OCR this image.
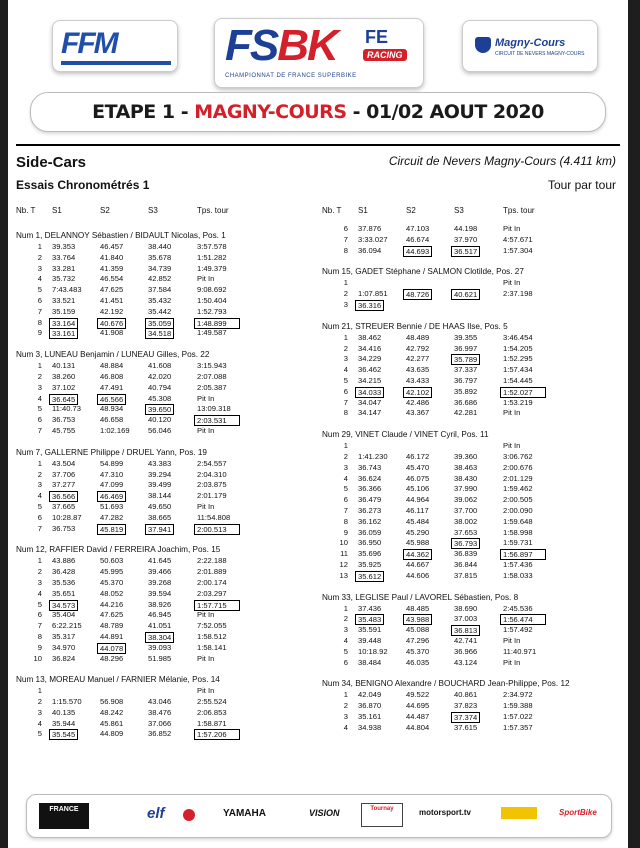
FFM FSBK FE
RACING
CHAMPIONNAT DE FRANCE SUPERBIKE
Magny-Cours
CIRCUIT DE NEVERS MAGNY-COURS
ETAPE 1 - MAGNY-COURS - 01/02 AOUT 2020
Side-Cars	Circuit de Nevers Magny-Cours (4.411 km)
Essais Chronométrés 1	Tour par tour
Nb. T	S1	S2	S3	Tps. tour
Num 1, DELANNOY Sébastien / BIDAULT Nicolas, Pos. 1
1 39.353	46.457	38.440	3:57.578
2 33.764	41.840	35.678	1:51.282
3 33.281	41.359	34.739	1:49.379
4 35.732	46.554	42.852	Pit In
5 7:43.483 47.625	37.584	9:08.692
6 33.521	41.451	35.432	1:50.404
7 35.159	42.192	35.442	1:52.793
8	33.164	40.676	35.059	1:48.899
9	33.161	41.908	34.518	1:49.587
Num 3, LUNEAU Benjamin / LUNEAU Gilles, Pos. 22
1 40.131	48.884	41.608	3:15.943
2 38.260	46.808	42.020	2:07.088
3 37.102	47.491	40.794	2:05.387
4	36.645	46.566	45.308	Pit In
5 11:40.73	48.934	39.650	13:09.318
6 36.753	46.658	40.120	2:03.531
7 45.755	1:02.169 56.046	Pit In
Num 7, GALLERNE Philippe / DRUEL Yann, Pos. 19
1 43.504	54.899	43.383	2:54.557
2 37.706	47.310	39.294	2:04.310
3 37.277	47.099	39.499	2:03.875
4	36.566	46.469	38.144	2:01.179
5 37.665	51.693	49.650	Pit In
6 10:28.87 47.282	38.665	11:54.808
7 36.753	45.819	37.941	2:00.513
Num 12, RAFFIER David / FERREIRA Joachim, Pos. 15
1 43.886	50.603	41.645	2:22.188
2 36.428	45.995	39.466	2:01.889
3 35.536	45.370	39.268	2:00.174
4 35.651	48.052	39.594	2:03.297
5	34.573	44.216	38.926	1:57.715
6 35.404	47.625	46.945	Pit In
7 6:22.215 48.789	41.051	7:52.055
8 35.317	44.891	38.304	1:58.512
9 34.970	44.078	39.093	1:58.141
10 36.824	48.296	51.985	Pit In
Num 13, MOREAU Manuel / FARNIER Mélanie, Pos. 14
1	Pit In
2 1:15.570 56.908	43.046	2:55.524
3 40.135	48.242	38.476	2:06.853
4 35.944	45.861	37.066	1:58.871
5	35.545	44.809	36.852	1:57.206
Nb. T	S1	S2	S3	Tps. tour
6 37.876	47.103	44.198	Pit In
7 3:33.027 46.674	37.970	4:57.671
8 36.094	44.693	36.517	1:57.304
Num 15, GADET Stéphane / SALMON Clotilde, Pos. 27
1	Pit In
2 1:07.851	48.726	40.621	2:37.198
3	36.316
Num 21, STREUER Bennie / DE HAAS Ilse, Pos. 5
1 38.462	48.489	39.355	3:46.454
2 34.416	42.792	36.997	1:54.205
3 34.229	42.277	35.789	1:52.295
4 36.462	43.635	37.337	1:57.434
5 34.215	43.433	36.797	1:54.445
6	34.033	42.102	35.892	1:52.027
7 34.047	42.486	36.686	1:53.219
8 34.147	43.367	42.281	Pit In
Num 29, VINET Claude / VINET Cyril, Pos. 11
1	Pit In
2 1:41.230 46.172	39.360	3:06.762
3 36.743	45.470	38.463	2:00.676
4 36.624	46.075	38.430	2:01.129
5 36.366	45.106	37.990	1:59.462
6 36.479	44.964	39.062	2:00.505
7 36.273	46.117	37.700	2:00.090
8 36.162	45.484	38.002	1:59.648
9 36.059	45.290	37.653	1:58.998
10 36.950	45.988	36.793	1:59.731
11 35.696	44.362	36.839	1:56.897
12 35.925	44.667	36.844	1:57.436
13	35.612	44.606	37.815	1:58.033
Num 33, LEGLISE Paul / LAVOREL Sébastien, Pos. 8
1 37.436	48.485	38.690	2:45.536
2	35.483	43.988	37.003	1:56.474
3 35.591	45.088	36.813	1:57.492
4 39.448	47.296	42.741	Pit In
5 10:18.92 45.370	36.966	11:40.971
6 38.484	46.035	43.124	Pit In
Num 34, BENIGNO Alexandre / BOUCHARD Jean-Philippe, Pos. 12
1 42.049	49.522	40.861	2:34.972
2 36.870	44.695	37.823	1:59.388
3 35.161	44.487	37.374	1:57.022
4 34.938	44.804	37.615	1:57.357
FRANCE	elf	YAMAHA	VISION	Tournay	motorsport.tv	SportBike
